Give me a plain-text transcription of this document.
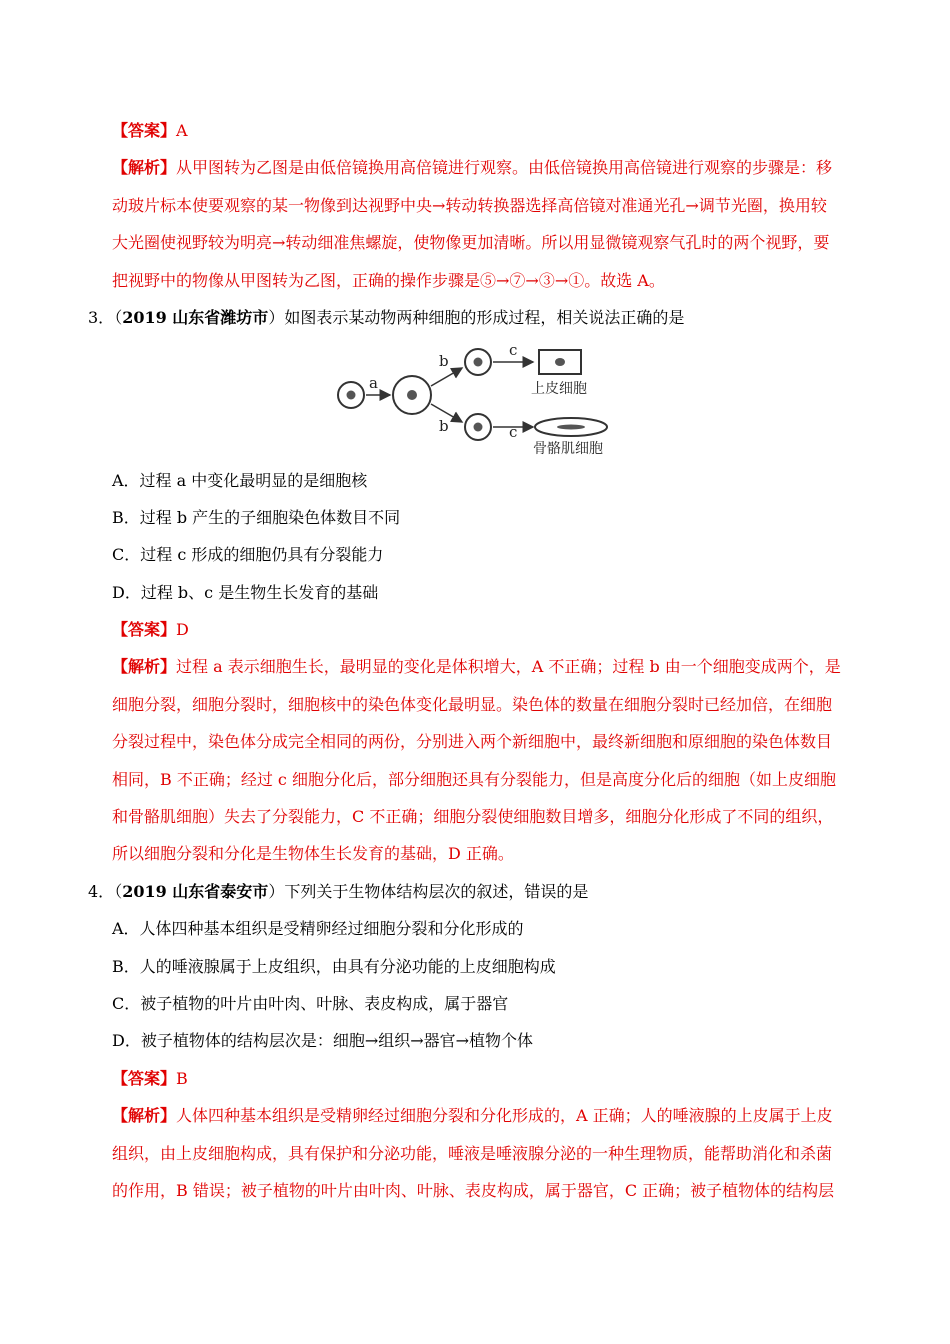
【答案】A
【解析】从甲图转为乙图是由低倍镜换用高倍镜进行观察。由低倍镜换用高倍镜进行观察的步骤是：移
动玻片标本使要观察的某一物像到达视野中央→转动转换器选择高倍镜对准通光孔→调节光圈，换用较
大光圈使视野较为明亮→转动细准焦螺旋，使物像更加清晰。所以用显微镜观察气孔时的两个视野，要
把视野中的物像从甲图转为乙图，正确的操作步骤是⑤→⑦→③→①。故选 A。
3．（2019 山东省潍坊市）如图表示某动物两种细胞的形成过程，相关说法正确的是
a
b
b
c
c
上皮细胞
骨骼肌细胞
A．过程 a 中变化最明显的是细胞核
B．过程 b 产生的子细胞染色体数目不同
C．过程 c 形成的细胞仍具有分裂能力
D．过程 b、c 是生物生长发育的基础
【答案】D
【解析】过程 a 表示细胞生长，最明显的变化是体积增大，A 不正确；过程 b 由一个细胞变成两个，是
细胞分裂，细胞分裂时，细胞核中的染色体变化最明显。染色体的数量在细胞分裂时已经加倍，在细胞
分裂过程中，染色体分成完全相同的两份，分别进入两个新细胞中，最终新细胞和原细胞的染色体数目
相同，B 不正确；经过 c 细胞分化后，部分细胞还具有分裂能力，但是高度分化后的细胞（如上皮细胞
和骨骼肌细胞）失去了分裂能力，C 不正确；细胞分裂使细胞数目增多，细胞分化形成了不同的组织，
所以细胞分裂和分化是生物体生长发育的基础，D 正确。
4．（2019 山东省泰安市）下列关于生物体结构层次的叙述，错误的是
A．人体四种基本组织是受精卵经过细胞分裂和分化形成的
B．人的唾液腺属于上皮组织，由具有分泌功能的上皮细胞构成
C．被子植物的叶片由叶肉、叶脉、表皮构成，属于器官
D．被子植物体的结构层次是：细胞→组织→器官→植物个体
【答案】B
【解析】人体四种基本组织是受精卵经过细胞分裂和分化形成的，A 正确；人的唾液腺的上皮属于上皮
组织，由上皮细胞构成，具有保护和分泌功能，唾液是唾液腺分泌的一种生理物质，能帮助消化和杀菌
的作用，B 错误；被子植物的叶片由叶肉、叶脉、表皮构成，属于器官，C 正确；被子植物体的结构层
